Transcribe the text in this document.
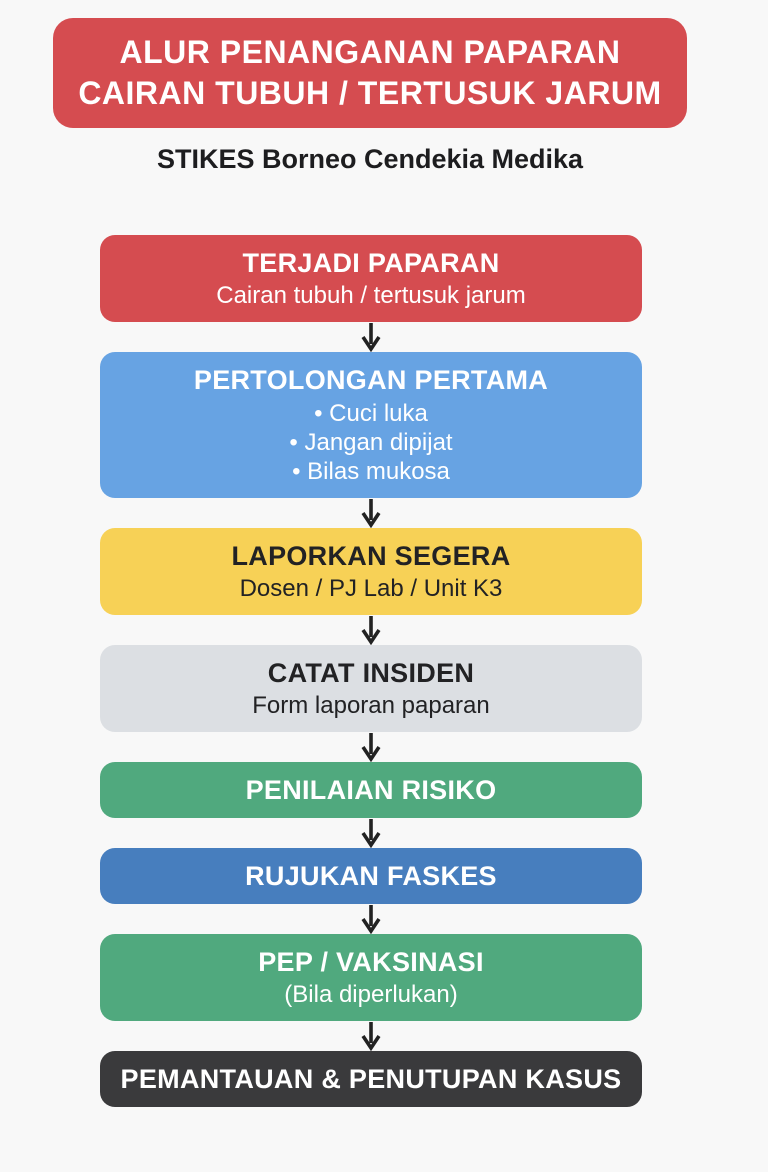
ALUR PENANGANAN PAPARAN
CAIRAN TUBUH / TERTUSUK JARUM
STIKES Borneo Cendekia Medika
TERJADI PAPARAN
Cairan tubuh / tertusuk jarum
PERTOLONGAN PERTAMA
• Cuci luka
• Jangan dipijat
• Bilas mukosa
LAPORKAN SEGERA
Dosen / PJ Lab / Unit K3
CATAT INSIDEN
Form laporan paparan
PENILAIAN RISIKO
RUJUKAN FASKES
PEP / VAKSINASI
(Bila diperlukan)
PEMANTAUAN & PENUTUPAN KASUS
